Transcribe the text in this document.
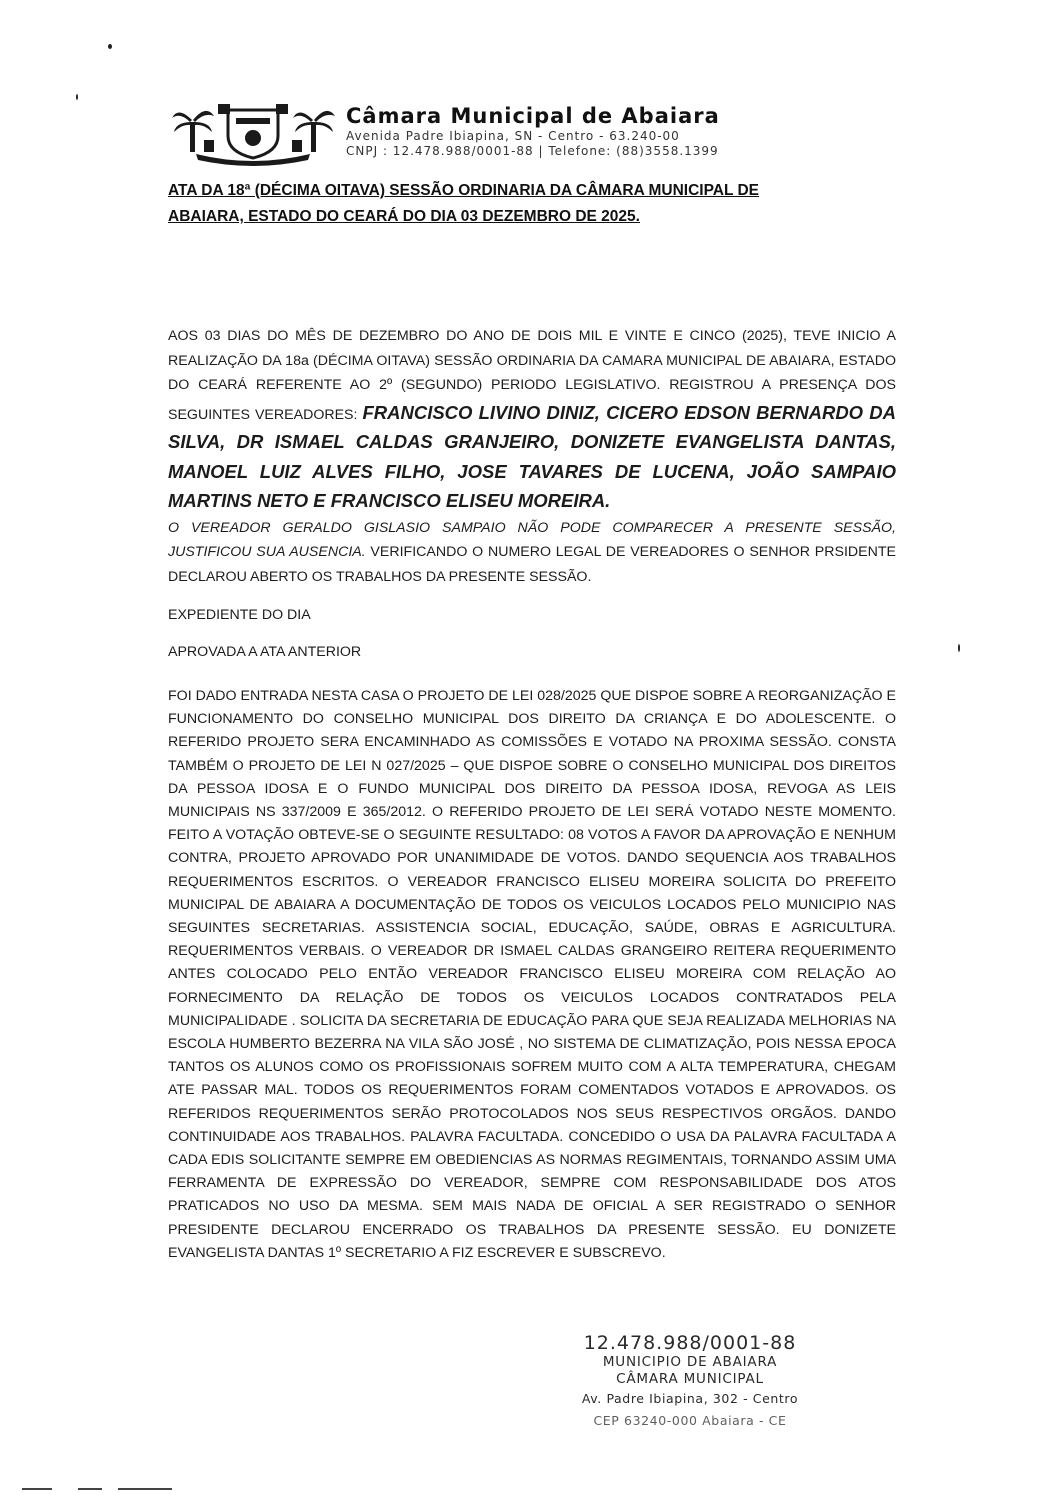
Câmara Municipal de Abaiara
Avenida Padre Ibiapina, SN - Centro - 63.240-00
CNPJ : 12.478.988/0001-88 | Telefone: (88)3558.1399
ATA DA 18ª (DÉCIMA OITAVA) SESSÃO ORDINARIA DA CÂMARA MUNICIPAL DE
ABAIARA, ESTADO DO CEARÁ DO DIA 03 DEZEMBRO DE 2025.

AOS 03 DIAS DO MÊS DE DEZEMBRO DO ANO DE DOIS MIL E VINTE E CINCO (2025), TEVE INICIO A REALIZAÇÃO DA 18a (DÉCIMA OITAVA) SESSÃO ORDINARIA DA CAMARA MUNICIPAL DE ABAIARA, ESTADO DO CEARÁ REFERENTE AO 2º (SEGUNDO) PERIODO LEGISLATIVO. REGISTROU A PRESENÇA DOS SEGUINTES VEREADORES: FRANCISCO LIVINO DINIZ, CICERO EDSON BERNARDO DA SILVA, DR ISMAEL CALDAS GRANJEIRO, DONIZETE EVANGELISTA DANTAS, MANOEL LUIZ ALVES FILHO, JOSE TAVARES DE LUCENA, JOÃO SAMPAIO MARTINS NETO E FRANCISCO ELISEU MOREIRA.
O VEREADOR GERALDO GISLASIO SAMPAIO NÃO PODE COMPARECER A PRESENTE SESSÃO, JUSTIFICOU SUA AUSENCIA. VERIFICANDO O NUMERO LEGAL DE VEREADORES O SENHOR PRSIDENTE DECLAROU ABERTO OS TRABALHOS DA PRESENTE SESSÃO.

EXPEDIENTE DO DIA

APROVADA A ATA ANTERIOR

FOI DADO ENTRADA NESTA CASA O PROJETO DE LEI 028/2025 QUE DISPOE SOBRE A REORGANIZAÇÃO E FUNCIONAMENTO DO CONSELHO MUNICIPAL DOS DIREITO DA CRIANÇA E DO ADOLESCENTE. O REFERIDO PROJETO SERA ENCAMINHADO AS COMISSÕES E VOTADO NA PROXIMA SESSÃO. CONSTA TAMBÉM O PROJETO DE LEI N 027/2025 – QUE DISPOE SOBRE O CONSELHO MUNICIPAL DOS DIREITOS DA PESSOA IDOSA E O FUNDO MUNICIPAL DOS DIREITO DA PESSOA IDOSA, REVOGA AS LEIS MUNICIPAIS NS 337/2009 E 365/2012. O REFERIDO PROJETO DE LEI SERÁ VOTADO NESTE MOMENTO. FEITO A VOTAÇÃO OBTEVE-SE O SEGUINTE RESULTADO: 08 VOTOS A FAVOR DA APROVAÇÃO E NENHUM CONTRA, PROJETO APROVADO POR UNANIMIDADE DE VOTOS. DANDO SEQUENCIA AOS TRABALHOS REQUERIMENTOS ESCRITOS. O VEREADOR FRANCISCO ELISEU MOREIRA SOLICITA DO PREFEITO MUNICIPAL DE ABAIARA A DOCUMENTAÇÃO DE TODOS OS VEICULOS LOCADOS PELO MUNICIPIO NAS SEGUINTES SECRETARIAS. ASSISTENCIA SOCIAL, EDUCAÇÃO, SAÚDE, OBRAS E AGRICULTURA. REQUERIMENTOS VERBAIS. O VEREADOR DR ISMAEL CALDAS GRANGEIRO REITERA REQUERIMENTO ANTES COLOCADO PELO ENTÃO VEREADOR FRANCISCO ELISEU MOREIRA COM RELAÇÃO AO FORNECIMENTO DA RELAÇÃO DE TODOS OS VEICULOS LOCADOS CONTRATADOS PELA MUNICIPALIDADE . SOLICITA DA SECRETARIA DE EDUCAÇÃO PARA QUE SEJA REALIZADA MELHORIAS NA ESCOLA HUMBERTO BEZERRA NA VILA SÃO JOSÉ , NO SISTEMA DE CLIMATIZAÇÃO, POIS NESSA EPOCA TANTOS OS ALUNOS COMO OS PROFISSIONAIS SOFREM MUITO COM A ALTA TEMPERATURA, CHEGAM ATE PASSAR MAL. TODOS OS REQUERIMENTOS FORAM COMENTADOS VOTADOS E APROVADOS. OS REFERIDOS REQUERIMENTOS SERÃO PROTOCOLADOS NOS SEUS RESPECTIVOS ORGÃOS. DANDO CONTINUIDADE AOS TRABALHOS. PALAVRA FACULTADA. CONCEDIDO O USA DA PALAVRA FACULTADA A CADA EDIS SOLICITANTE SEMPRE EM OBEDIENCIAS AS NORMAS REGIMENTAIS, TORNANDO ASSIM UMA FERRAMENTA DE EXPRESSÃO DO VEREADOR, SEMPRE COM RESPONSABILIDADE DOS ATOS PRATICADOS NO USO DA MESMA. SEM MAIS NADA DE OFICIAL A SER REGISTRADO O SENHOR PRESIDENTE DECLAROU ENCERRADO OS TRABALHOS DA PRESENTE SESSÃO. EU DONIZETE EVANGELISTA DANTAS 1º SECRETARIO A FIZ ESCREVER E SUBSCREVO.

12.478.988/0001-88
MUNICIPIO DE ABAIARA
CÂMARA MUNICIPAL
Av. Padre Ibiapina, 302 - Centro
CEP 63240-000 Abaiara - CE
